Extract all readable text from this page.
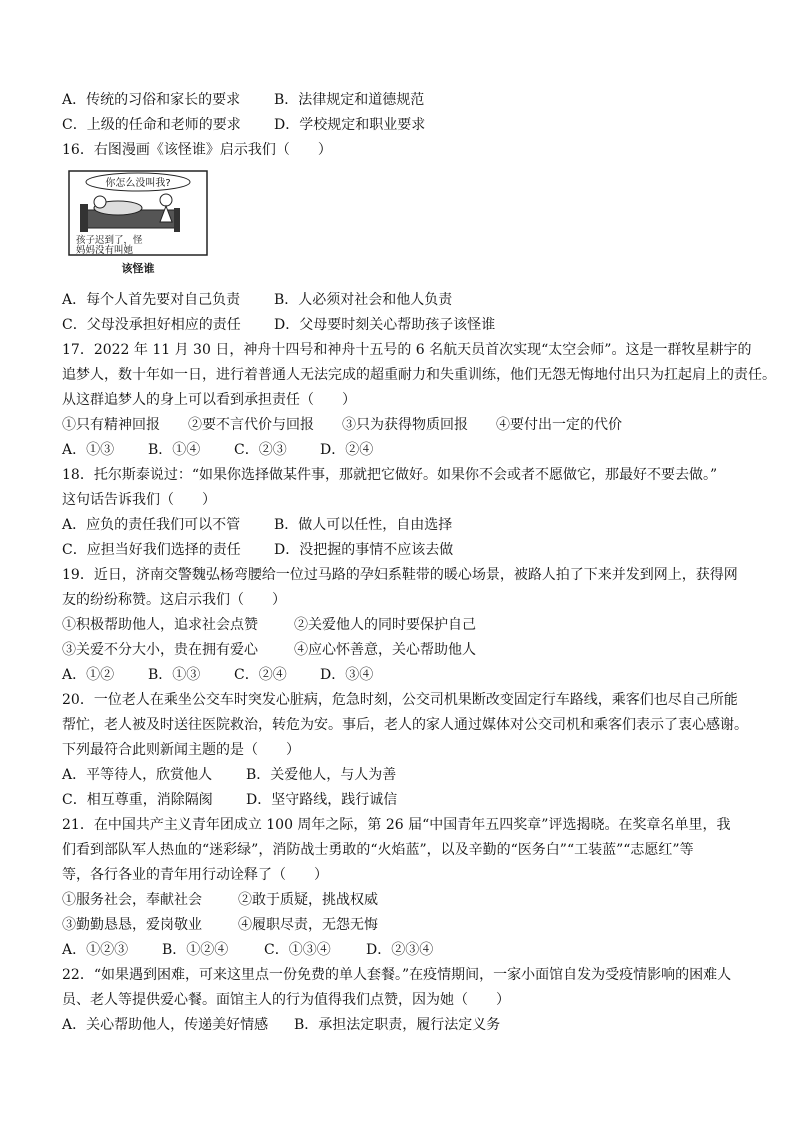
A．传统的习俗和家长的要求 B．法律规定和道德规范
C．上级的任命和老师的要求 D．学校规定和职业要求
16．右图漫画《该怪谁》启示我们（　　）
你怎么没叫我?
孩子迟到了，怪
妈妈没有叫她
该怪谁
A．每个人首先要对自己负责 B．人必须对社会和他人负责
C．父母没承担好相应的责任 D．父母要时刻关心帮助孩子该怪谁
17．2022 年 11 月 30 日，神舟十四号和神舟十五号的 6 名航天员首次实现“太空会师”。这是一群牧星耕宇的
追梦人，数十年如一日，进行着普通人无法完成的超重耐力和失重训练，他们无怨无悔地付出只为扛起肩上的责任。
从这群追梦人的身上可以看到承担责任（　　）
①只有精神回报　　②要不言代价与回报　　③只为获得物质回报　　④要付出一定的代价
A．①③ B．①④ C．②③ D．②④
18．托尔斯泰说过：“如果你选择做某件事，那就把它做好。如果你不会或者不愿做它，那最好不要去做。”
这句话告诉我们（　　）
A．应负的责任我们可以不管 B．做人可以任性，自由选择
C．应担当好我们选择的责任 D．没把握的事情不应该去做
19．近日，济南交警魏弘杨弯腰给一位过马路的孕妇系鞋带的暖心场景，被路人拍了下来并发到网上，获得网
友的纷纷称赞。这启示我们（　　）
①积极帮助他人，追求社会点赞	②关爱他人的同时要保护自己
③关爱不分大小，贵在拥有爱心	④应心怀善意，关心帮助他人
A．①② B．①③ C．②④ D．③④
20．一位老人在乘坐公交车时突发心脏病，危急时刻，公交司机果断改变固定行车路线，乘客们也尽自己所能
帮忙，老人被及时送往医院救治，转危为安。事后，老人的家人通过媒体对公交司机和乘客们表示了衷心感谢。
下列最符合此则新闻主题的是（　　）
A．平等待人，欣赏他人 B．关爱他人，与人为善
C．相互尊重，消除隔阂 D．坚守路线，践行诚信
21．在中国共产主义青年团成立 100 周年之际，第 26 届“中国青年五四奖章”评选揭晓。在奖章名单里，我
们看到部队军人热血的“迷彩绿”，消防战士勇敢的“火焰蓝”，以及辛勤的“医务白”“工装蓝”“志愿红”等
等，各行各业的青年用行动诠释了（　　）
①服务社会，奉献社会	②敢于质疑，挑战权威
③勤勤恳恳，爱岗敬业	④履职尽责，无怨无悔
A．①②③ B．①②④	C．①③④	D．②③④
22．“如果遇到困难，可来这里点一份免费的单人套餐。”在疫情期间，一家小面馆自发为受疫情影响的困难人
员、老人等提供爱心餐。面馆主人的行为值得我们点赞，因为她（　　）
A．关心帮助他人，传递美好情感 B．承担法定职责，履行法定义务
